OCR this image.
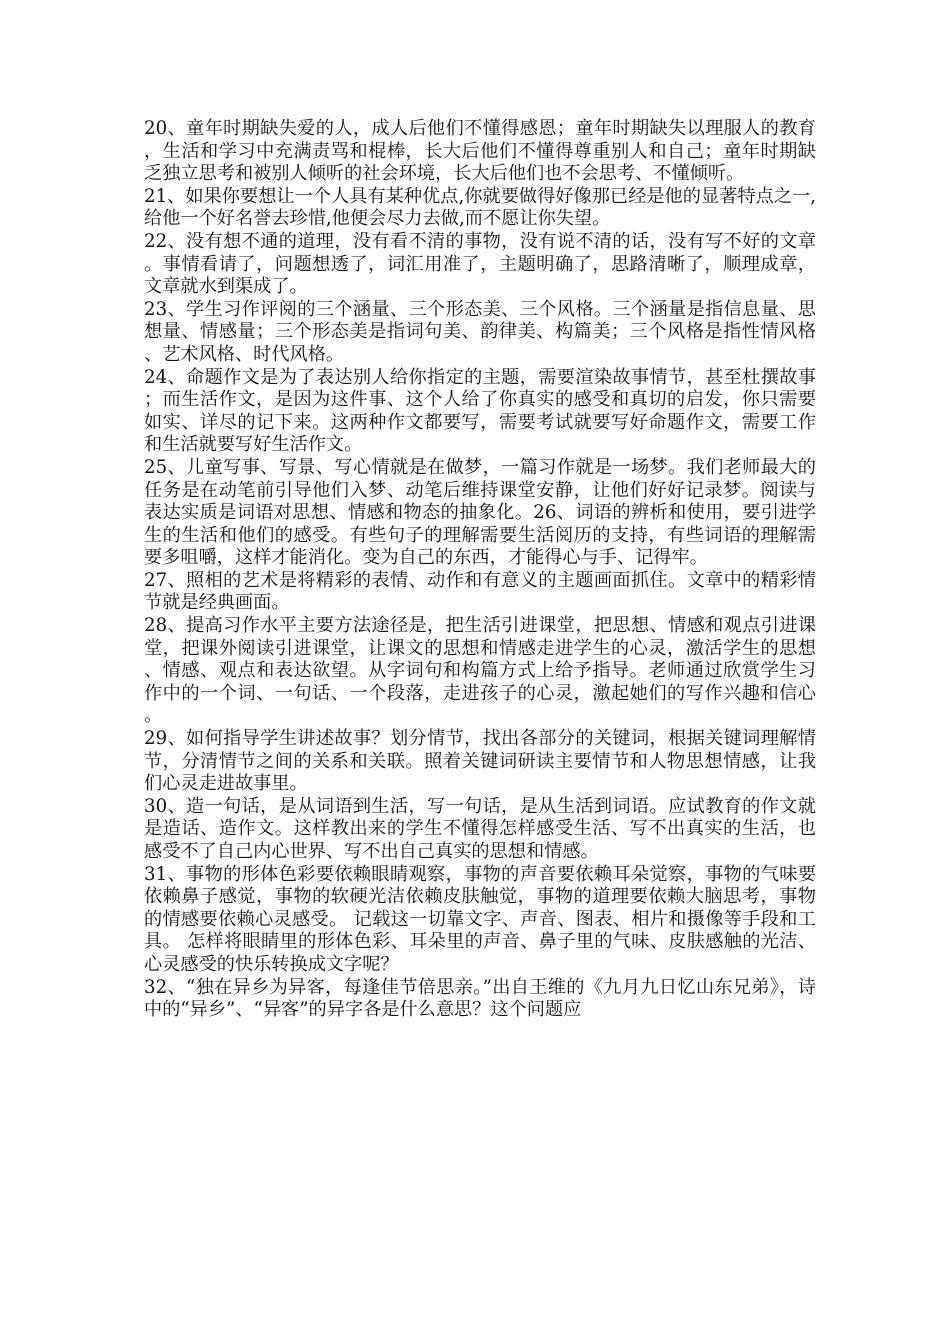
20、童年时期缺失爱的人，成人后他们不懂得感恩；童年时期缺失以理服人的教育，生活和学习中充满责骂和棍棒，长大后他们不懂得尊重别人和自己；童年时期缺乏独立思考和被别人倾听的社会环境，长大后他们也不会思考、不懂倾听。

21、如果你要想让一个人具有某种优点,你就要做得好像那已经是他的显著特点之一,给他一个好名誉去珍惜,他便会尽力去做,而不愿让你失望。

22、没有想不通的道理，没有看不清的事物，没有说不清的话，没有写不好的文章。事情看请了，问题想透了，词汇用准了，主题明确了，思路清晰了，顺理成章，文章就水到渠成了。

23、学生习作评阅的三个涵量、三个形态美、三个风格。三个涵量是指信息量、思想量、情感量；三个形态美是指词句美、韵律美、构篇美；三个风格是指性情风格、艺术风格、时代风格。

24、命题作文是为了表达别人给你指定的主题，需要渲染故事情节，甚至杜撰故事；而生活作文，是因为这件事、这个人给了你真实的感受和真切的启发，你只需要如实、详尽的记下来。这两种作文都要写，需要考试就要写好命题作文，需要工作和生活就要写好生活作文。

25、儿童写事、写景、写心情就是在做梦，一篇习作就是一场梦。我们老师最大的任务是在动笔前引导他们入梦、动笔后维持课堂安静，让他们好好记录梦。阅读与表达实质是词语对思想、情感和物态的抽象化。26、词语的辨析和使用，要引进学生的生活和他们的感受。有些句子的理解需要生活阅历的支持，有些词语的理解需要多咀嚼，这样才能消化。变为自己的东西，才能得心与手、记得牢。

27、照相的艺术是将精彩的表情、动作和有意义的主题画面抓住。文章中的精彩情节就是经典画面。

28、提高习作水平主要方法途径是，把生活引进课堂，把思想、情感和观点引进课堂，把课外阅读引进课堂，让课文的思想和情感走进学生的心灵，激活学生的思想、情感、观点和表达欲望。从字词句和构篇方式上给予指导。老师通过欣赏学生习作中的一个词、一句话、一个段落，走进孩子的心灵，激起她们的写作兴趣和信心。

29、如何指导学生讲述故事？划分情节，找出各部分的关键词，根据关键词理解情节，分清情节之间的关系和关联。照着关键词研读主要情节和人物思想情感，让我们心灵走进故事里。

30、造一句话，是从词语到生活，写一句话，是从生活到词语。应试教育的作文就是造话、造作文。这样教出来的学生不懂得怎样感受生活、写不出真实的生活，也感受不了自己内心世界、写不出自己真实的思想和情感。

31、事物的形体色彩要依赖眼睛观察，事物的声音要依赖耳朵觉察，事物的气味要依赖鼻子感觉，事物的软硬光洁依赖皮肤触觉，事物的道理要依赖大脑思考，事物的情感要依赖心灵感受。 记载这一切靠文字、声音、图表、相片和摄像等手段和工具。 怎样将眼睛里的形体色彩、耳朵里的声音、鼻子里的气味、皮肤感触的光洁、心灵感受的快乐转换成文字呢？

32、“独在异乡为异客，每逢佳节倍思亲。”出自王维的《九月九日忆山东兄弟》，诗中的“异乡”、“异客”的异字各是什么意思？这个问题应
